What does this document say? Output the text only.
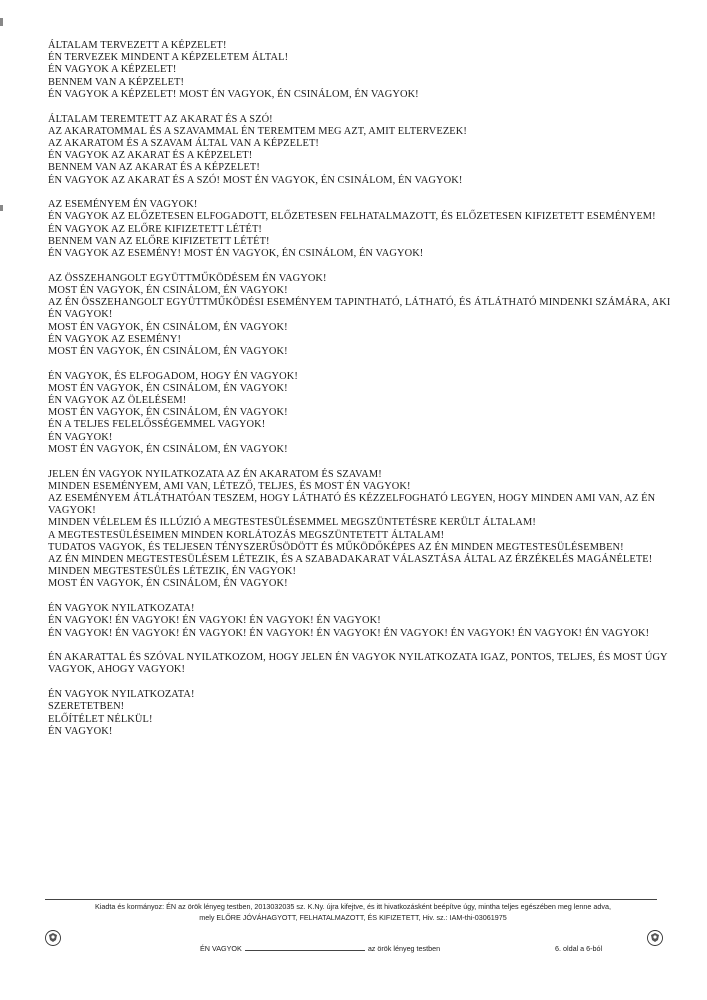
ÁLTALAM TERVEZETT A KÉPZELET!
ÉN TERVEZEK MINDENT A KÉPZELETEM ÁLTAL!
ÉN VAGYOK A KÉPZELET!
BENNEM VAN A KÉPZELET!
ÉN VAGYOK A KÉPZELET! MOST ÉN VAGYOK, ÉN CSINÁLOM, ÉN VAGYOK!
ÁLTALAM TEREMTETT AZ AKARAT ÉS A SZÓ!
AZ AKARATOMMAL ÉS A SZAVAMMAL ÉN TEREMTEM MEG AZT, AMIT ELTERVEZEK!
AZ AKARATOM ÉS A SZAVAM ÁLTAL VAN A KÉPZELET!
ÉN VAGYOK AZ AKARAT ÉS A KÉPZELET!
BENNEM VAN AZ AKARAT ÉS A KÉPZELET!
ÉN VAGYOK AZ AKARAT ÉS A SZÓ! MOST ÉN VAGYOK, ÉN CSINÁLOM, ÉN VAGYOK!
AZ ESEMÉNYEM ÉN VAGYOK!
ÉN VAGYOK AZ ELŐZETESEN ELFOGADOTT, ELŐZETESEN FELHATALMAZOTT, ÉS ELŐZETESEN KIFIZETETT ESEMÉNYEM!
ÉN VAGYOK AZ ELŐRE KIFIZETETT LÉTÉT!
BENNEM VAN AZ ELŐRE KIFIZETETT LÉTÉT!
ÉN VAGYOK AZ ESEMÉNY! MOST ÉN VAGYOK, ÉN CSINÁLOM, ÉN VAGYOK!
AZ ÖSSZEHANGOLT EGYÜTTMŰKÖDÉSEM ÉN VAGYOK!
MOST ÉN VAGYOK, ÉN CSINÁLOM, ÉN VAGYOK!
AZ ÉN ÖSSZEHANGOLT EGYÜTTMŰKÖDÉSI ESEMÉNYEM TAPINTHATÓ, LÁTHATÓ, ÉS ÁTLÁTHATÓ MINDENKI SZÁMÁRA, AKI ÉN VAGYOK!
MOST ÉN VAGYOK, ÉN CSINÁLOM, ÉN VAGYOK!
ÉN VAGYOK AZ ESEMÉNY!
MOST ÉN VAGYOK, ÉN CSINÁLOM, ÉN VAGYOK!
ÉN VAGYOK, ÉS ELFOGADOM, HOGY ÉN VAGYOK!
MOST ÉN VAGYOK, ÉN CSINÁLOM, ÉN VAGYOK!
ÉN VAGYOK AZ ÖLELÉSEM!
MOST ÉN VAGYOK, ÉN CSINÁLOM, ÉN VAGYOK!
ÉN A TELJES FELELŐSSÉGEMMEL VAGYOK!
ÉN VAGYOK!
MOST ÉN VAGYOK, ÉN CSINÁLOM, ÉN VAGYOK!
JELEN ÉN VAGYOK NYILATKOZATA AZ ÉN AKARATOM ÉS SZAVAM!
MINDEN ESEMÉNYEM, AMI VAN, LÉTEZŐ, TELJES, ÉS MOST ÉN VAGYOK!
AZ ESEMÉNYEM ÁTLÁTHATÓAN TESZEM, HOGY LÁTHATÓ ÉS KÉZZELFOGHATÓ LEGYEN, HOGY MINDEN AMI VAN, AZ ÉN VAGYOK!
MINDEN VÉLELEM ÉS ILLÚZIÓ A MEGTESTESÜLÉSEMMEL MEGSZÜNTETÉSRE KERÜLT ÁLTALAM!
A MEGTESTESÜLÉSEIMEN MINDEN KORLÁTOZÁS MEGSZÜNTETETT ÁLTALAM!
TUDATOS VAGYOK, ÉS TELJESEN TÉNYSZERŰSÖDÖTT ÉS MŰKÖDŐKÉPES AZ ÉN MINDEN MEGTESTESÜLÉSEMBEN!
AZ ÉN MINDEN MEGTESTESÜLÉSEM LÉTEZIK, ÉS A SZABADAKARAT VÁLASZTÁSA ÁLTAL AZ ÉRZÉKELÉS MAGÁNÉLETE!
MINDEN MEGTESTESÜLÉS LÉTEZIK, ÉN VAGYOK!
MOST ÉN VAGYOK, ÉN CSINÁLOM, ÉN VAGYOK!
ÉN VAGYOK NYILATKOZATA!
ÉN VAGYOK! ÉN VAGYOK! ÉN VAGYOK! ÉN VAGYOK! ÉN VAGYOK!
ÉN VAGYOK! ÉN VAGYOK! ÉN VAGYOK! ÉN VAGYOK! ÉN VAGYOK! ÉN VAGYOK! ÉN VAGYOK! ÉN VAGYOK! ÉN VAGYOK!
ÉN AKARATTAL ÉS SZÓVAL NYILATKOZOM, HOGY JELEN ÉN VAGYOK NYILATKOZATA IGAZ, PONTOS, TELJES, ÉS MOST ÚGY VAGYOK, AHOGY VAGYOK!
ÉN VAGYOK NYILATKOZATA!
SZERETETBEN!
ELŐÍTÉLET NÉLKÜL!
ÉN VAGYOK!
Kiadta és kormányoz: ÉN az örök lényeg testben, 2013032035 sz. K.Ny. újra kifejtve, és itt hivatkozásként beépítve úgy, mintha teljes egészében meg lenne adva,
mely ELŐRE JÓVÁHAGYOTT, FELHATALMAZOTT, ÉS KIFIZETETT, Hiv. sz.: IAM-thi-03061975
ÉN VAGYOK	az örök lényeg testben	6. oldal a 6-ból
